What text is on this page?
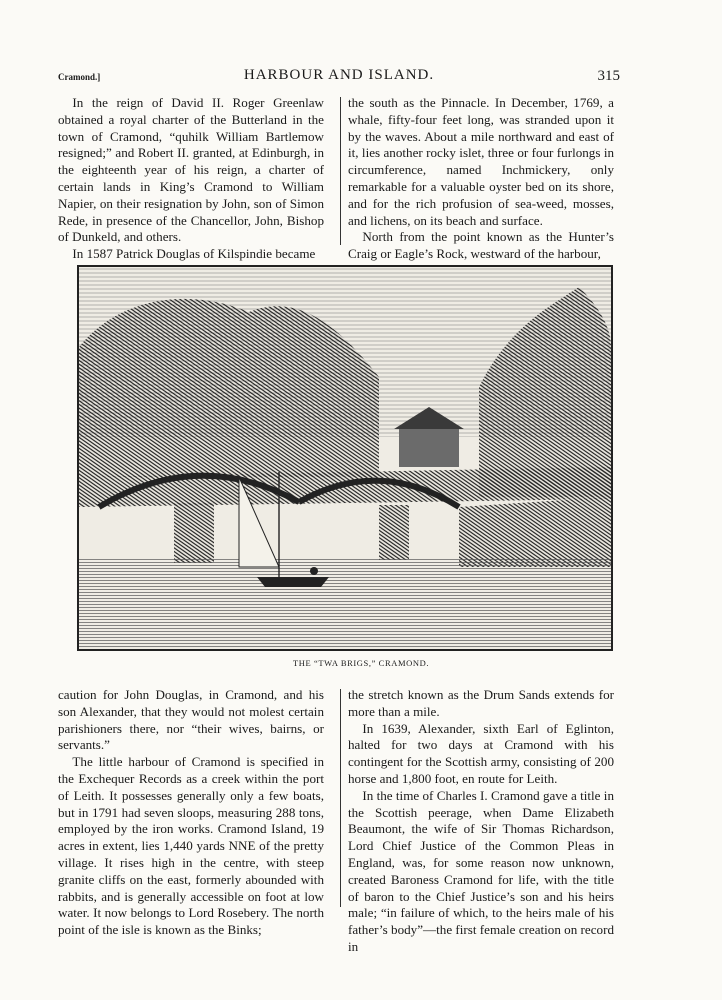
Cramond.]	HARBOUR AND ISLAND.	315

In the reign of David II. Roger Greenlaw obtained a royal charter of the Butterland in the town of Cramond, “quhilk William Bartlemow resigned;” and Robert II. granted, at Edinburgh, in the eighteenth year of his reign, a charter of certain lands in King’s Cramond to William Napier, on their resignation by John, son of Simon Rede, in presence of the Chancellor, John, Bishop of Dunkeld, and others.

In 1587 Patrick Douglas of Kilspindie became

the south as the Pinnacle. In December, 1769, a whale, fifty-four feet long, was stranded upon it by the waves. About a mile northward and east of it, lies another rocky islet, three or four furlongs in circumference, named Inchmickery, only remarkable for a valuable oyster bed on its shore, and for the rich profusion of sea-weed, mosses, and lichens, on its beach and surface.

North from the point known as the Hunter’s Craig or Eagle’s Rock, westward of the harbour,

THE “TWA BRIGS,” CRAMOND.

caution for John Douglas, in Cramond, and his son Alexander, that they would not molest certain parishioners there, nor “their wives, bairns, or servants.”

The little harbour of Cramond is specified in the Exchequer Records as a creek within the port of Leith. It possesses generally only a few boats, but in 1791 had seven sloops, measuring 288 tons, employed by the iron works. Cramond Island, 19 acres in extent, lies 1,440 yards NNE of the pretty village. It rises high in the centre, with steep granite cliffs on the east, formerly abounded with rabbits, and is generally accessible on foot at low water. It now belongs to Lord Rosebery. The north point of the isle is known as the Binks;

the stretch known as the Drum Sands extends for more than a mile.

In 1639, Alexander, sixth Earl of Eglinton, halted for two days at Cramond with his contingent for the Scottish army, consisting of 200 horse and 1,800 foot, en route for Leith.

In the time of Charles I. Cramond gave a title in the Scottish peerage, when Dame Elizabeth Beaumont, the wife of Sir Thomas Richardson, Lord Chief Justice of the Common Pleas in England, was, for some reason now unknown, created Baroness Cramond for life, with the title of baron to the Chief Justice’s son and his heirs male; “in failure of which, to the heirs male of his father’s body”—the first female creation on record in
